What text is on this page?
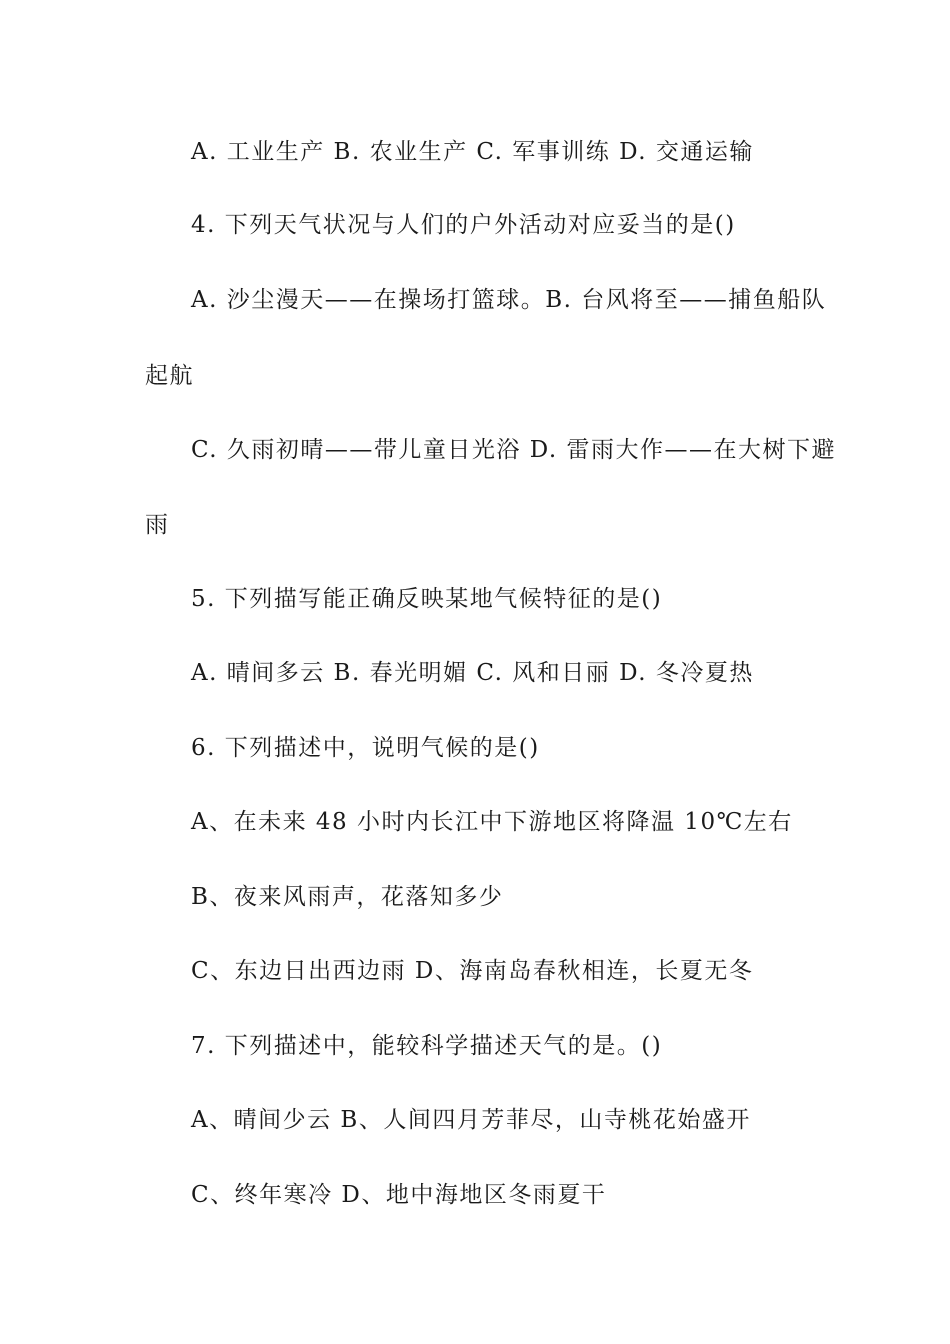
A. 工业生产 B. 农业生产 C. 军事训练 D. 交通运输
4. 下列天气状况与人们的户外活动对应妥当的是()
A. 沙尘漫天——在操场打篮球。B. 台风将至——捕鱼船队
起航
C. 久雨初晴——带儿童日光浴 D. 雷雨大作——在大树下避
雨
5. 下列描写能正确反映某地气候特征的是()
A. 晴间多云 B. 春光明媚 C. 风和日丽 D. 冬冷夏热
6. 下列描述中，说明气候的是()
A、在未来 48 小时内长江中下游地区将降温 10℃左右
B、夜来风雨声，花落知多少
C、东边日出西边雨 D、海南岛春秋相连，长夏无冬
7. 下列描述中，能较科学描述天气的是。()
A、晴间少云 B、人间四月芳菲尽，山寺桃花始盛开
C、终年寒冷 D、地中海地区冬雨夏干
